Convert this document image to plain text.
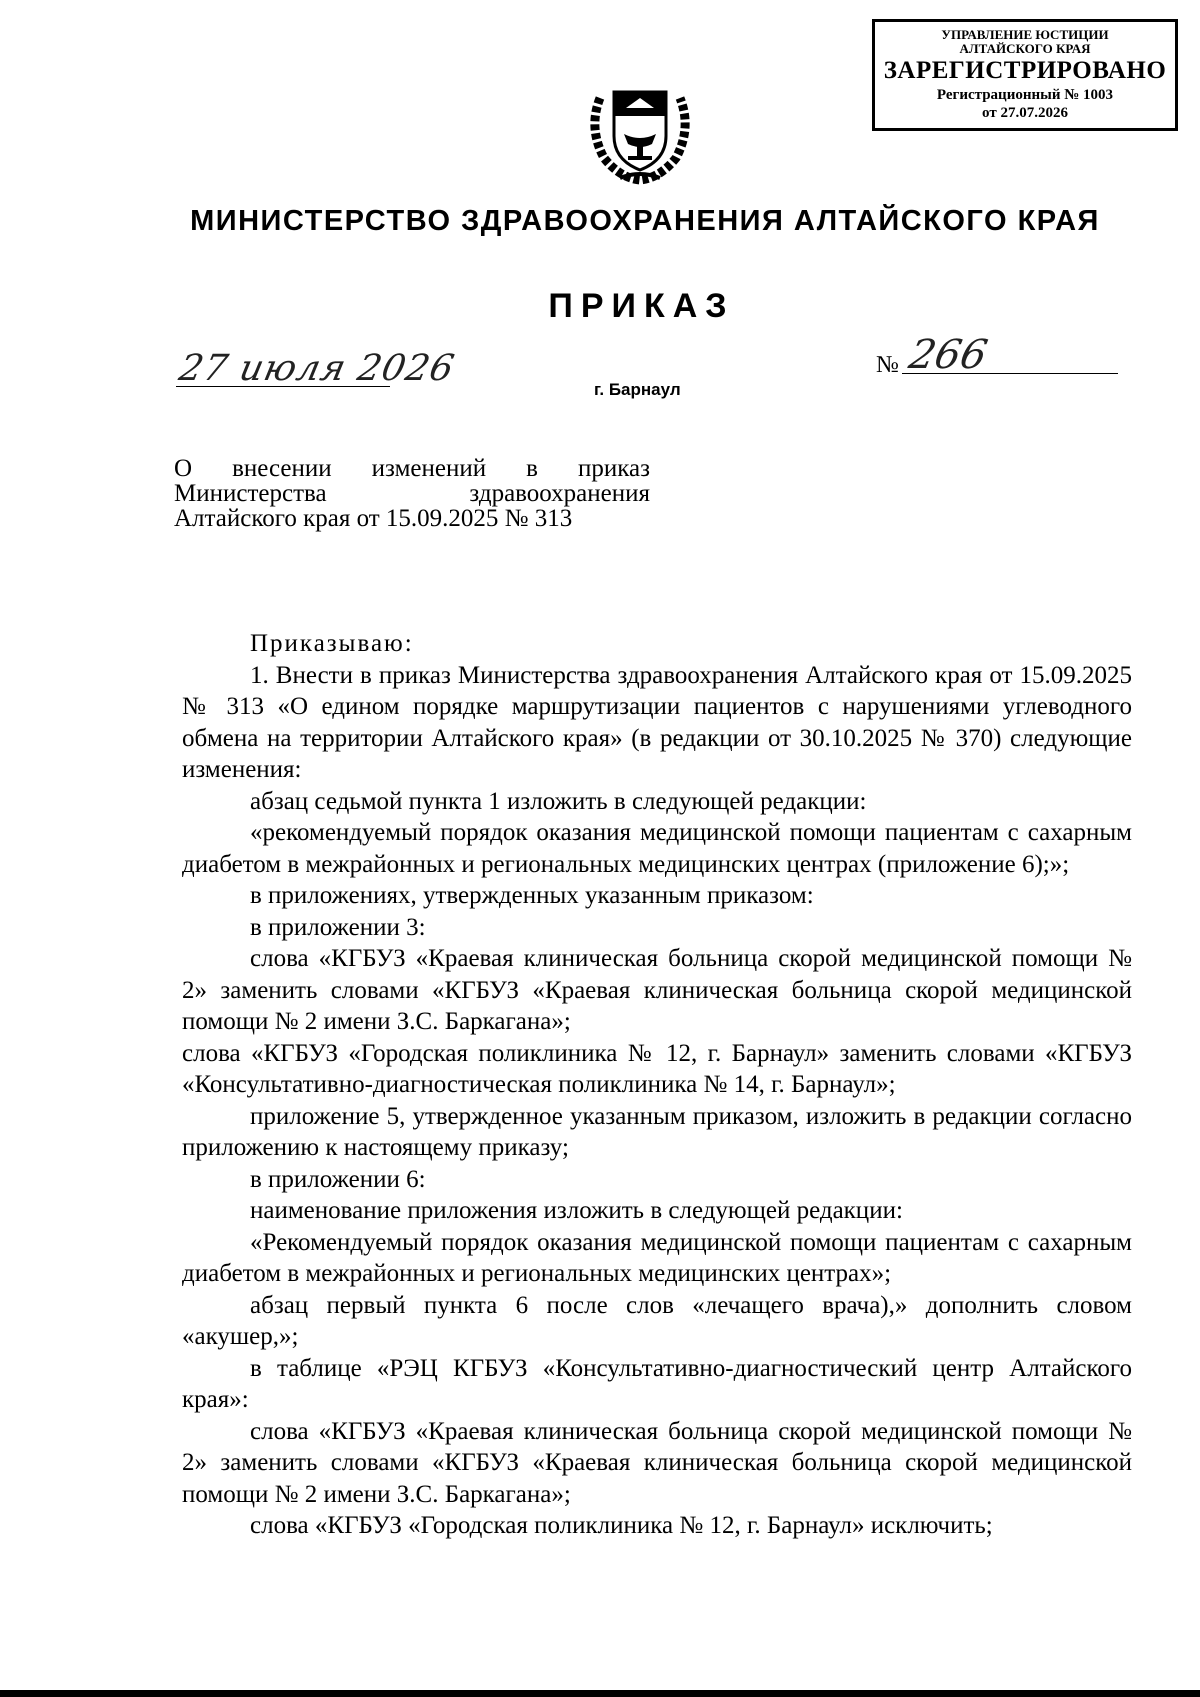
УПРАВЛЕНИЕ ЮСТИЦИИ
АЛТАЙСКОГО КРАЯ
ЗАРЕГИСТРИРОВАНО
Регистрационный № 1003
от 27.07.2026
МИНИСТЕРСТВО ЗДРАВООХРАНЕНИЯ АЛТАЙСКОГО КРАЯ
ПРИКАЗ
27 июля 2026
г. Барнаул
№ 266
О внесении изменений в приказ
Министерства здравоохранения
Алтайского края от 15.09.2025 № 313

Приказываю:

1. Внести в приказ Министерства здравоохранения Алтайского края от 15.09.2025 № 313 «О едином порядке маршрутизации пациентов с нарушениями углеводного обмена на территории Алтайского края» (в редакции от 30.10.2025 № 370) следующие изменения:

абзац седьмой пункта 1 изложить в следующей редакции:

«рекомендуемый порядок оказания медицинской помощи пациентам с сахарным диабетом в межрайонных и региональных медицинских центрах (приложение 6);»;

в приложениях, утвержденных указанным приказом:

в приложении 3:

слова «КГБУЗ «Краевая клиническая больница скорой медицинской помощи № 2» заменить словами «КГБУЗ «Краевая клиническая больница скорой медицинской помощи № 2 имени З.С. Баркагана»;

слова «КГБУЗ «Городская поликлиника № 12, г. Барнаул» заменить словами «КГБУЗ «Консультативно-диагностическая поликлиника № 14, г. Барнаул»;

приложение 5, утвержденное указанным приказом, изложить в редакции согласно приложению к настоящему приказу;

в приложении 6:

наименование приложения изложить в следующей редакции:

«Рекомендуемый порядок оказания медицинской помощи пациентам с сахарным диабетом в межрайонных и региональных медицинских центрах»;

абзац первый пункта 6 после слов «лечащего врача),» дополнить словом «акушер,»;

в таблице «РЭЦ КГБУЗ «Консультативно-диагностический центр Алтайского края»:

слова «КГБУЗ «Краевая клиническая больница скорой медицинской помощи № 2» заменить словами «КГБУЗ «Краевая клиническая больница скорой медицинской помощи № 2 имени З.С. Баркагана»;

слова «КГБУЗ «Городская поликлиника № 12, г. Барнаул» исключить;
